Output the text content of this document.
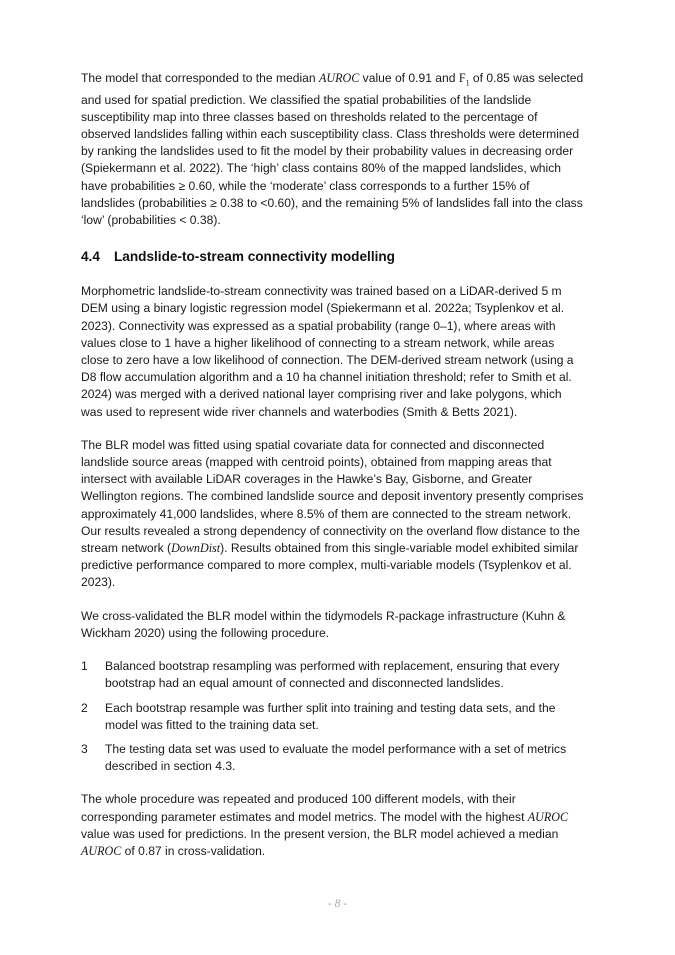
The model that corresponded to the median AUROC value of 0.91 and $F_1$ of 0.85 was selected and used for spatial prediction. We classified the spatial probabilities of the landslide susceptibility map into three classes based on thresholds related to the percentage of observed landslides falling within each susceptibility class. Class thresholds were determined by ranking the landslides used to fit the model by their probability values in decreasing order (Spiekermann et al. 2022). The ‘high’ class contains 80% of the mapped landslides, which have probabilities ≥ 0.60, while the ‘moderate’ class corresponds to a further 15% of landslides (probabilities ≥ 0.38 to <0.60), and the remaining 5% of landslides fall into the class ‘low’ (probabilities < 0.38).

4.4 Landslide-to-stream connectivity modelling

Morphometric landslide-to-stream connectivity was trained based on a LiDAR-derived 5 m DEM using a binary logistic regression model (Spiekermann et al. 2022a; Tsyplenkov et al. 2023). Connectivity was expressed as a spatial probability (range 0–1), where areas with values close to 1 have a higher likelihood of connecting to a stream network, while areas close to zero have a low likelihood of connection. The DEM-derived stream network (using a D8 flow accumulation algorithm and a 10 ha channel initiation threshold; refer to Smith et al. 2024) was merged with a derived national layer comprising river and lake polygons, which was used to represent wide river channels and waterbodies (Smith & Betts 2021).

The BLR model was fitted using spatial covariate data for connected and disconnected landslide source areas (mapped with centroid points), obtained from mapping areas that intersect with available LiDAR coverages in the Hawke’s Bay, Gisborne, and Greater Wellington regions. The combined landslide source and deposit inventory presently comprises approximately 41,000 landslides, where 8.5% of them are connected to the stream network. Our results revealed a strong dependency of connectivity on the overland flow distance to the stream network (DownDist). Results obtained from this single-variable model exhibited similar predictive performance compared to more complex, multi-variable models (Tsyplenkov et al. 2023).

We cross-validated the BLR model within the tidymodels R-package infrastructure (Kuhn & Wickham 2020) using the following procedure.

1	Balanced bootstrap resampling was performed with replacement, ensuring that every bootstrap had an equal amount of connected and disconnected landslides.
2	Each bootstrap resample was further split into training and testing data sets, and the model was fitted to the training data set.
3	The testing data set was used to evaluate the model performance with a set of metrics described in section 4.3.

The whole procedure was repeated and produced 100 different models, with their corresponding parameter estimates and model metrics. The model with the highest AUROC value was used for predictions. In the present version, the BLR model achieved a median AUROC of 0.87 in cross-validation.

- 8 -
